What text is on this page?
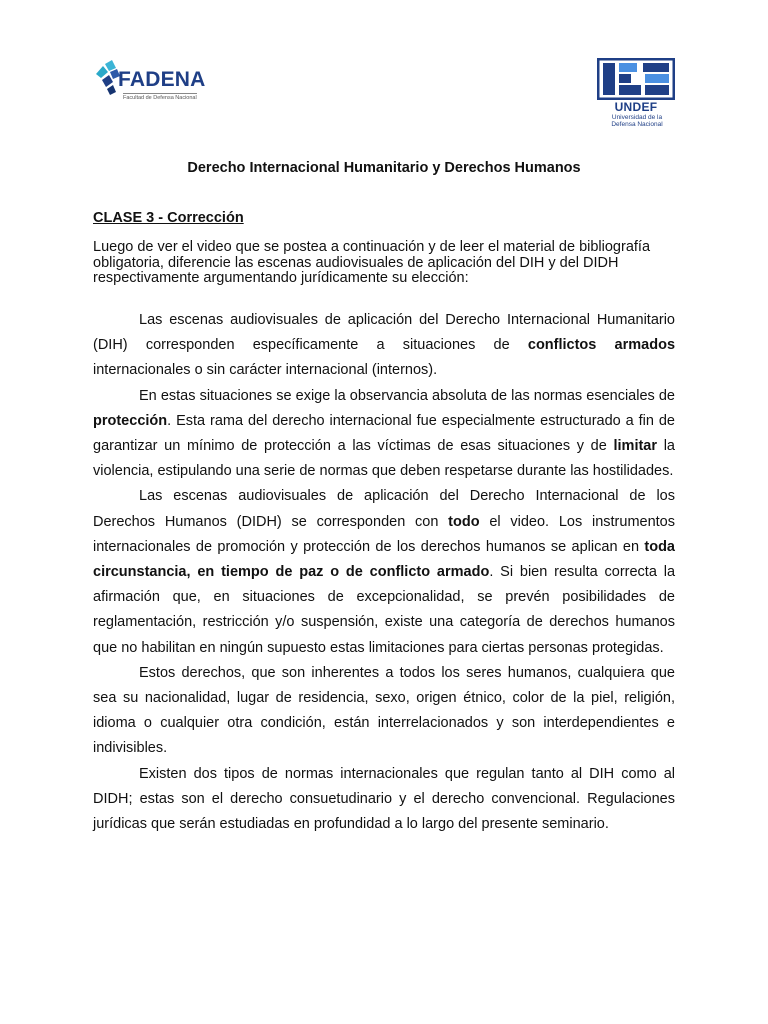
FADENA
Facultad de Defensa Nacional
UNDEF
Universidad de la
Defensa Nacional
Derecho Internacional Humanitario y Derechos Humanos
CLASE 3 - Corrección
Luego de ver el video que se postea a continuación y de leer el material de bibliografía obligatoria, diferencie las escenas audiovisuales de aplicación del DIH y del DIDH respectivamente argumentando jurídicamente su elección:

Las escenas audiovisuales de aplicación del Derecho Internacional Humanitario (DIH) corresponden específicamente a situaciones de conflictos armados internacionales o sin carácter internacional (internos).

En estas situaciones se exige la observancia absoluta de las normas esenciales de protección. Esta rama del derecho internacional fue especialmente estructurado a fin de garantizar un mínimo de protección a las víctimas de esas situaciones y de limitar la violencia, estipulando una serie de normas que deben respetarse durante las hostilidades.

Las escenas audiovisuales de aplicación del Derecho Internacional de los Derechos Humanos (DIDH) se corresponden con todo el video. Los instrumentos internacionales de promoción y protección de los derechos humanos se aplican en toda circunstancia, en tiempo de paz o de conflicto armado. Si bien resulta correcta la afirmación que, en situaciones de excepcionalidad, se prevén posibilidades de reglamentación, restricción y/o suspensión, existe una categoría de derechos humanos que no habilitan en ningún supuesto estas limitaciones para ciertas personas protegidas.

Estos derechos, que son inherentes a todos los seres humanos, cualquiera que sea su nacionalidad, lugar de residencia, sexo, origen étnico, color de la piel, religión, idioma o cualquier otra condición, están interrelacionados y son interdependientes e indivisibles.

Existen dos tipos de normas internacionales que regulan tanto al DIH como al DIDH; estas son el derecho consuetudinario y el derecho convencional. Regulaciones jurídicas que serán estudiadas en profundidad a lo largo del presente seminario.
